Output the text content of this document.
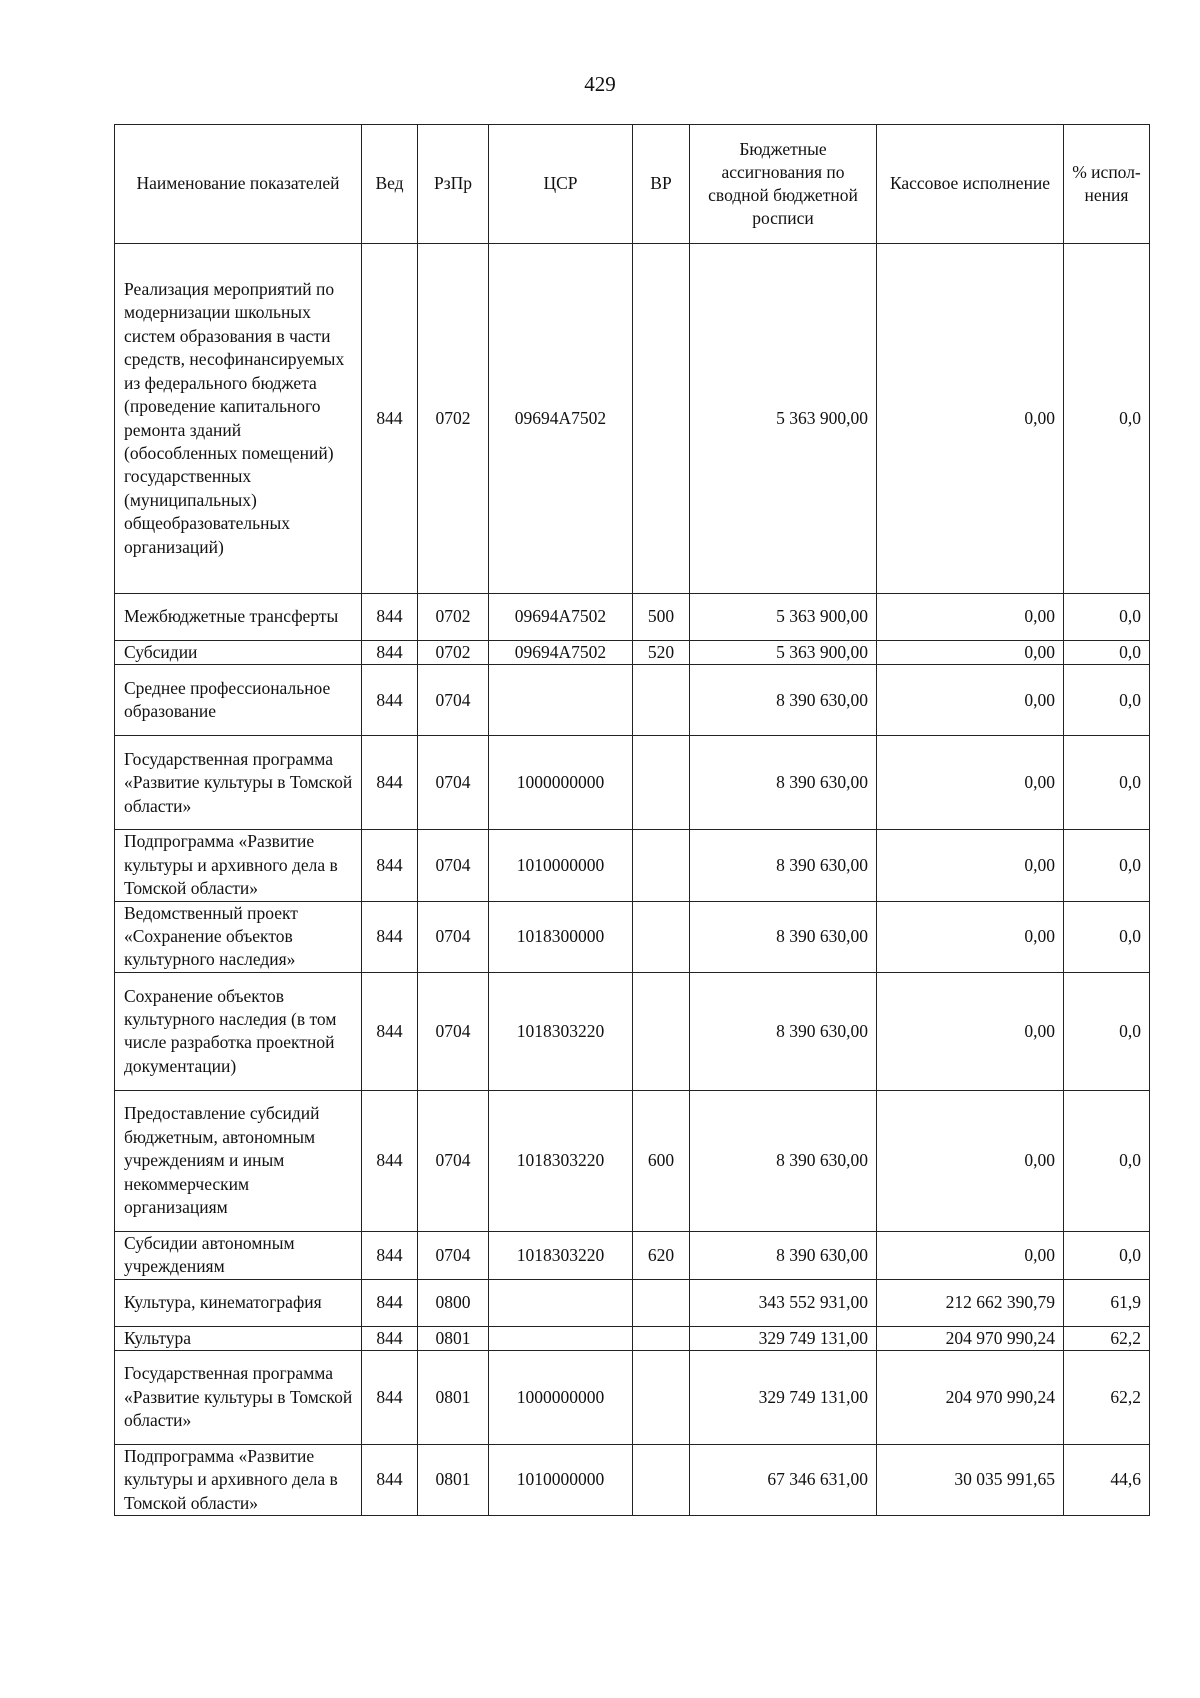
429
Наименование показателей	Вед	РзПр	ЦСР	ВР	Бюджетные ассигнования по сводной бюджетной росписи	Кассовое исполнение	% испол-нения
Реализация мероприятий по модернизации школьных систем образования в части средств, несофинансируемых из федерального бюджета (проведение капитального ремонта зданий (обособленных помещений) государственных (муниципальных) общеобразовательных организаций)	844	0702	09694A7502		5 363 900,00	0,00	0,0
Межбюджетные трансферты	844	0702	09694A7502	500	5 363 900,00	0,00	0,0
Субсидии	844	0702	09694A7502	520	5 363 900,00	0,00	0,0
Среднее профессиональное образование	844	0704			8 390 630,00	0,00	0,0
Государственная программа «Развитие культуры в Томской области»	844	0704	1000000000		8 390 630,00	0,00	0,0
Подпрограмма «Развитие культуры и архивного дела в Томской области»	844	0704	1010000000		8 390 630,00	0,00	0,0
Ведомственный проект «Сохранение объектов культурного наследия»	844	0704	1018300000		8 390 630,00	0,00	0,0
Сохранение объектов культурного наследия (в том числе разработка проектной документации)	844	0704	1018303220		8 390 630,00	0,00	0,0
Предоставление субсидий бюджетным, автономным учреждениям и иным некоммерческим организациям	844	0704	1018303220	600	8 390 630,00	0,00	0,0
Субсидии автономным учреждениям	844	0704	1018303220	620	8 390 630,00	0,00	0,0
Культура, кинематография	844	0800			343 552 931,00	212 662 390,79	61,9
Культура	844	0801			329 749 131,00	204 970 990,24	62,2
Государственная программа «Развитие культуры в Томской области»	844	0801	1000000000		329 749 131,00	204 970 990,24	62,2
Подпрограмма «Развитие культуры и архивного дела в Томской области»	844	0801	1010000000		67 346 631,00	30 035 991,65	44,6
